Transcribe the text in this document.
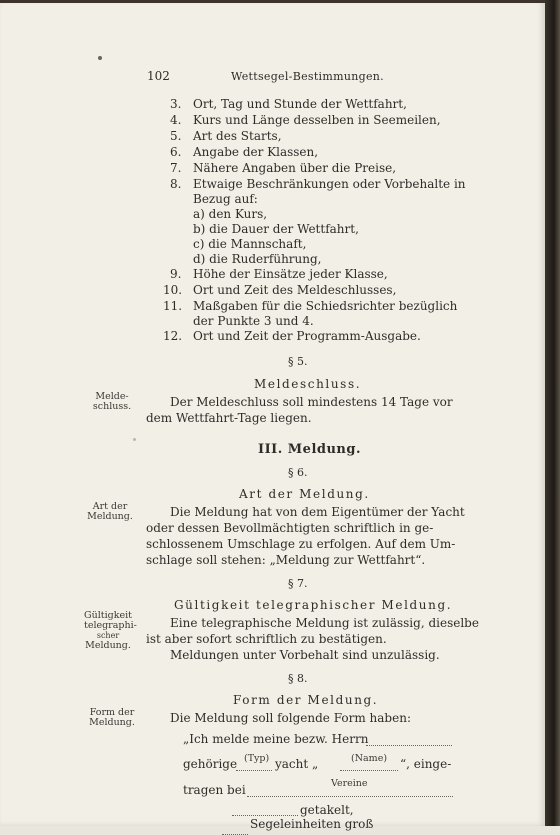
102	Wettsegel-Bestimmungen.
3. Ort, Tag und Stunde der Wettfahrt,
4. Kurs und Länge desselben in Seemeilen,
5. Art des Starts,
6. Angabe der Klassen,
7. Nähere Angaben über die Preise,
8. Etwaige Beschränkungen oder Vorbehalte in
Bezug auf:
a) den Kurs,
b) die Dauer der Wettfahrt,
c) die Mannschaft,
d) die Ruderführung,
9. Höhe der Einsätze jeder Klasse,
10. Ort und Zeit des Meldeschlusses,
11. Maßgaben für die Schiedsrichter bezüglich
der Punkte 3 und 4.
12. Ort und Zeit der Programm-Ausgabe.
§ 5.
Meldeschluss.
Melde-
schluss.	Der Meldeschluss soll mindestens 14 Tage vor
dem Wettfahrt-Tage liegen.
III. Meldung.
§ 6.
Art der Meldung.
Art der
Meldung.	Die Meldung hat von dem Eigentümer der Yacht
oder dessen Bevollmächtigten schriftlich in ge-
schlossenem Umschlage zu erfolgen. Auf dem Um-
schlage soll stehen: „Meldung zur Wettfahrt“.
§ 7.
Gültigkeit telegraphischer Meldung.
Gültigkeit
telegraphi-
scher
Meldung.
Eine telegraphische Meldung ist zulässig, dieselbe
ist aber sofort schriftlich zu bestätigen.
Meldungen unter Vorbehalt sind unzulässig.
§ 8.
Form der Meldung.
Form der
Meldung.	Die Meldung soll folgende Form haben:
„Ich melde meine bezw. Herrn
gehörige (Typ) yacht „	(Name) “, einge-
tragen bei	Vereine
getakelt,
Segeleinheiten groß
